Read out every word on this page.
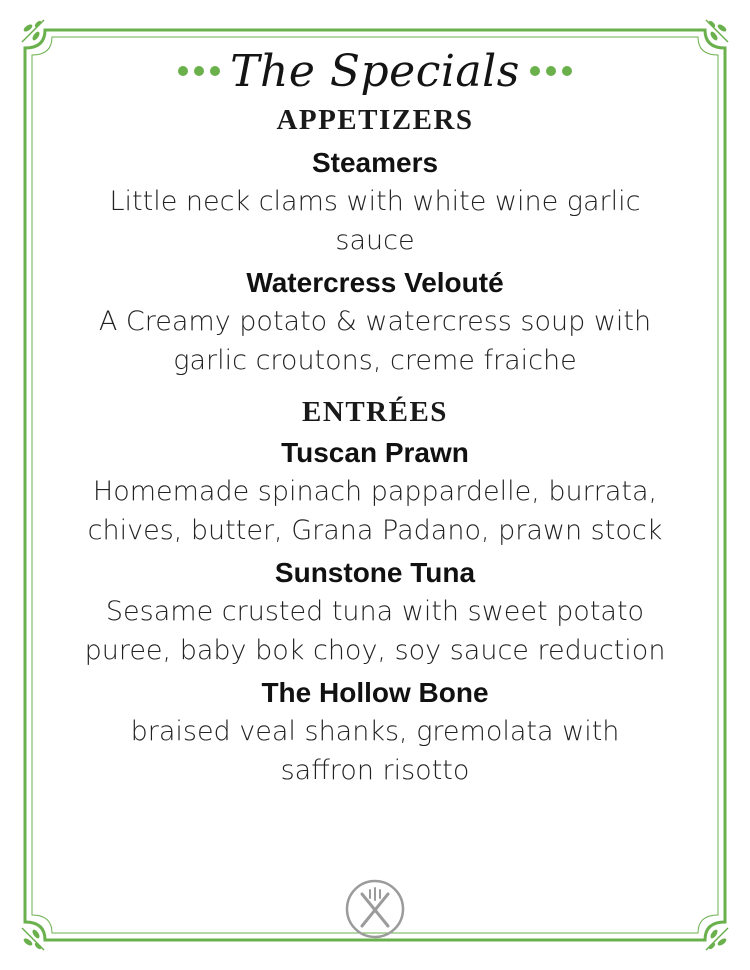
The Specials
APPETIZERS
Steamers
Little neck clams with white wine garlic sauce
Watercress Velouté
A Creamy potato & watercress soup with garlic croutons, creme fraiche
ENTRÉES
Tuscan Prawn
Homemade spinach pappardelle, burrata, chives, butter, Grana Padano, prawn stock
Sunstone Tuna
Sesame crusted tuna with sweet potato puree, baby bok choy, soy sauce reduction
The Hollow Bone
braised veal shanks, gremolata with saffron risotto
